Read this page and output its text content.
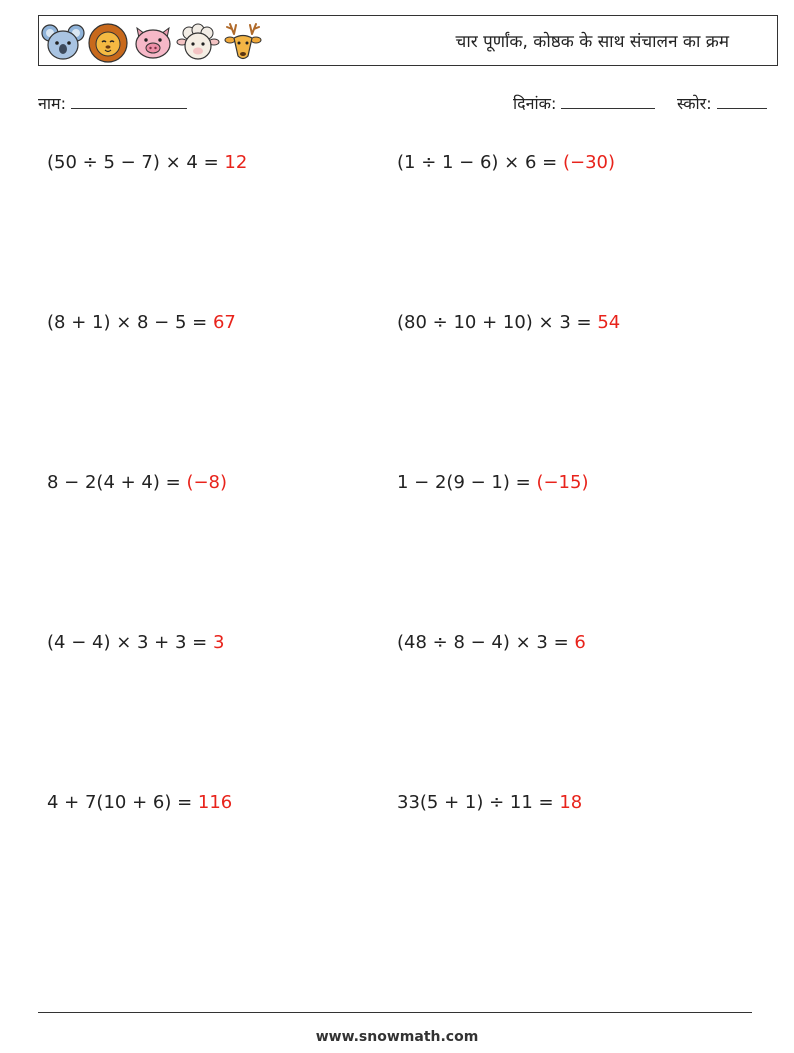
चार पूर्णांक, कोष्ठक के साथ संचालन का क्रम
नाम:	दिनांक:	स्कोर:
(50 ÷ 5 − 7) × 4 = 12	(1 ÷ 1 − 6) × 6 = (−30)
(8 + 1) × 8 − 5 = 67	(80 ÷ 10 + 10) × 3 = 54
8 − 2(4 + 4) = (−8)	1 − 2(9 − 1) = (−15)
(4 − 4) × 3 + 3 = 3	(48 ÷ 8 − 4) × 3 = 6
4 + 7(10 + 6) = 116	33(5 + 1) ÷ 11 = 18
www.snowmath.com
